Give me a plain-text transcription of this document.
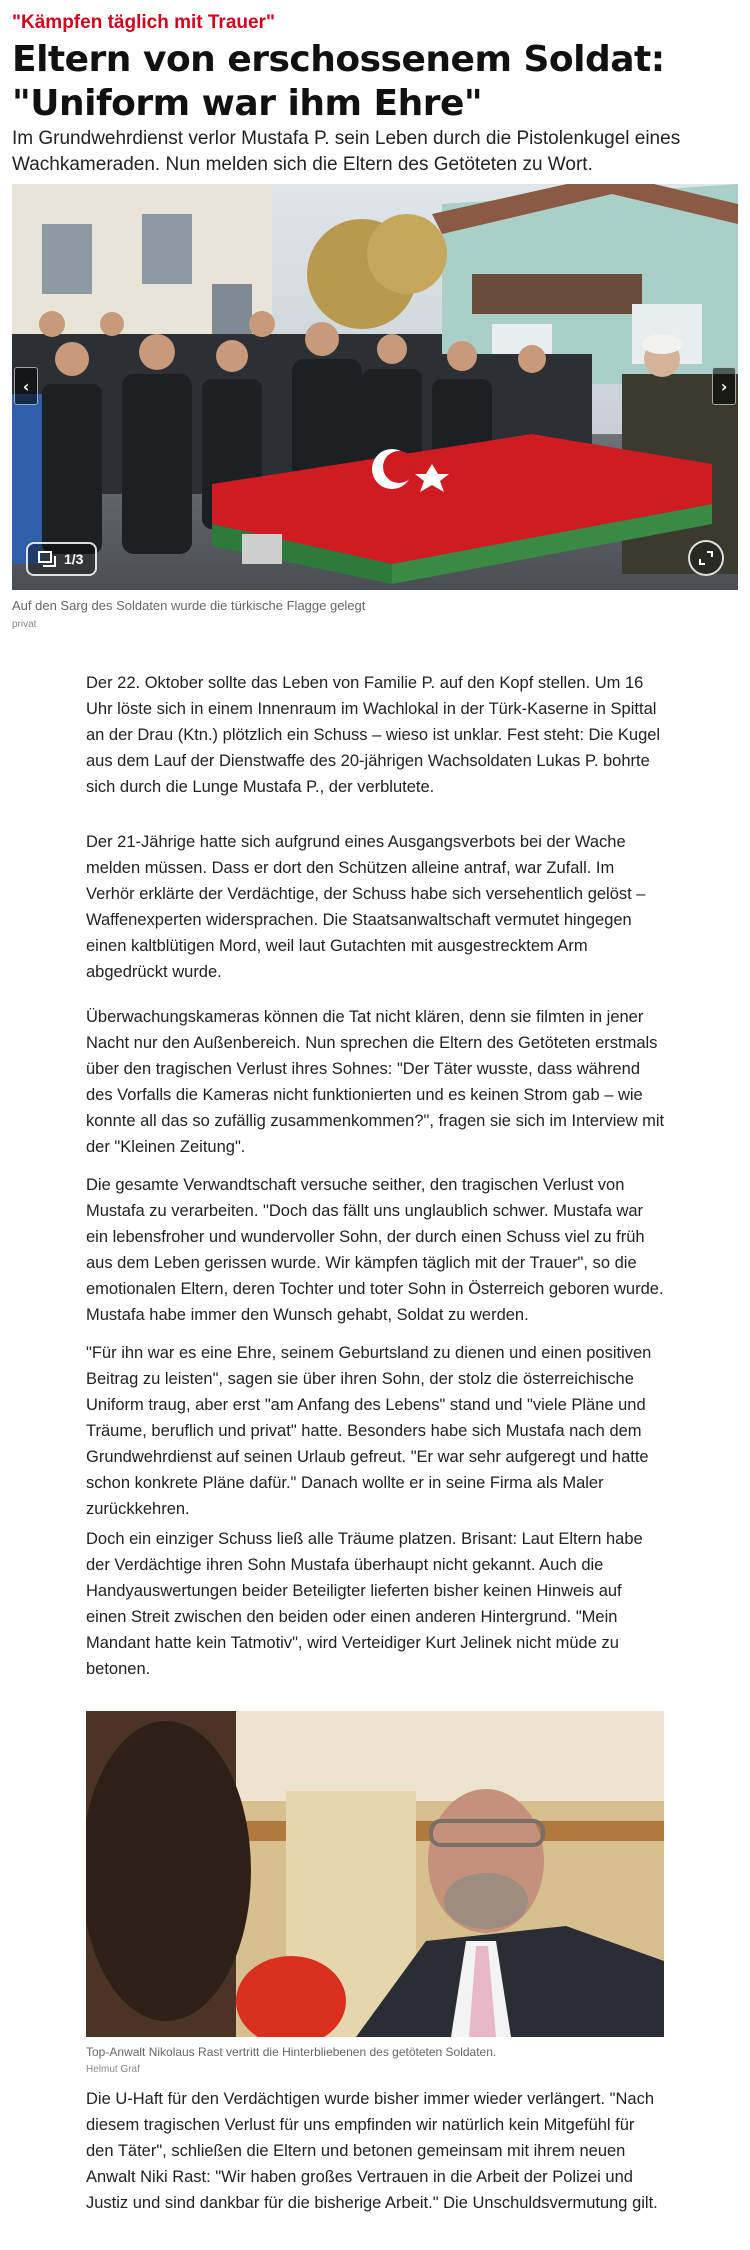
"Kämpfen täglich mit Trauer"
Eltern von erschossenem Soldat: "Uniform war ihm Ehre"

Im Grundwehrdienst verlor Mustafa P. sein Leben durch die Pistolenkugel eines Wachkameraden. Nun melden sich die Eltern des Getöteten zu Wort.

‹	›
1/3
Auf den Sarg des Soldaten wurde die türkische Flagge gelegt
privat

Der 22. Oktober sollte das Leben von Familie P. auf den Kopf stellen. Um 16 Uhr löste sich in einem Innenraum im Wachlokal in der Türk-Kaserne in Spittal an der Drau (Ktn.) plötzlich ein Schuss – wieso ist unklar. Fest steht: Die Kugel aus dem Lauf der Dienstwaffe des 20-jährigen Wachsoldaten Lukas P. bohrte sich durch die Lunge Mustafa P., der verblutete.

Der 21-Jährige hatte sich aufgrund eines Ausgangsverbots bei der Wache melden müssen. Dass er dort den Schützen alleine antraf, war Zufall. Im Verhör erklärte der Verdächtige, der Schuss habe sich versehentlich gelöst – Waffenexperten widersprachen. Die Staatsanwaltschaft vermutet hingegen einen kaltblütigen Mord, weil laut Gutachten mit ausgestrecktem Arm abgedrückt wurde.

Überwachungskameras können die Tat nicht klären, denn sie filmten in jener Nacht nur den Außenbereich. Nun sprechen die Eltern des Getöteten erstmals über den tragischen Verlust ihres Sohnes: "Der Täter wusste, dass während des Vorfalls die Kameras nicht funktionierten und es keinen Strom gab – wie konnte all das so zufällig zusammenkommen?", fragen sie sich im Interview mit der "Kleinen Zeitung".

Die gesamte Verwandtschaft versuche seither, den tragischen Verlust von Mustafa zu verarbeiten. "Doch das fällt uns unglaublich schwer. Mustafa war ein lebensfroher und wundervoller Sohn, der durch einen Schuss viel zu früh aus dem Leben gerissen wurde. Wir kämpfen täglich mit der Trauer", so die emotionalen Eltern, deren Tochter und toter Sohn in Österreich geboren wurde. Mustafa habe immer den Wunsch gehabt, Soldat zu werden.

"Für ihn war es eine Ehre, seinem Geburtsland zu dienen und einen positiven Beitrag zu leisten", sagen sie über ihren Sohn, der stolz die österreichische Uniform traug, aber erst "am Anfang des Lebens" stand und "viele Pläne und Träume, beruflich und privat" hatte. Besonders habe sich Mustafa nach dem Grundwehrdienst auf seinen Urlaub gefreut. "Er war sehr aufgeregt und hatte schon konkrete Pläne dafür." Danach wollte er in seine Firma als Maler zurückkehren.

Doch ein einziger Schuss ließ alle Träume platzen. Brisant: Laut Eltern habe der Verdächtige ihren Sohn Mustafa überhaupt nicht gekannt. Auch die Handyauswertungen beider Beteiligter lieferten bisher keinen Hinweis auf einen Streit zwischen den beiden oder einen anderen Hintergrund. "Mein Mandant hatte kein Tatmotiv", wird Verteidiger Kurt Jelinek nicht müde zu betonen.

Top-Anwalt Nikolaus Rast vertritt die Hinterbliebenen des getöteten Soldaten.
Helmut Graf

Die U-Haft für den Verdächtigen wurde bisher immer wieder verlängert. "Nach diesem tragischen Verlust für uns empfinden wir natürlich kein Mitgefühl für den Täter", schließen die Eltern und betonen gemeinsam mit ihrem neuen Anwalt Niki Rast: "Wir haben großes Vertrauen in die Arbeit der Polizei und Justiz und sind dankbar für die bisherige Arbeit." Die Unschuldsvermutung gilt.
